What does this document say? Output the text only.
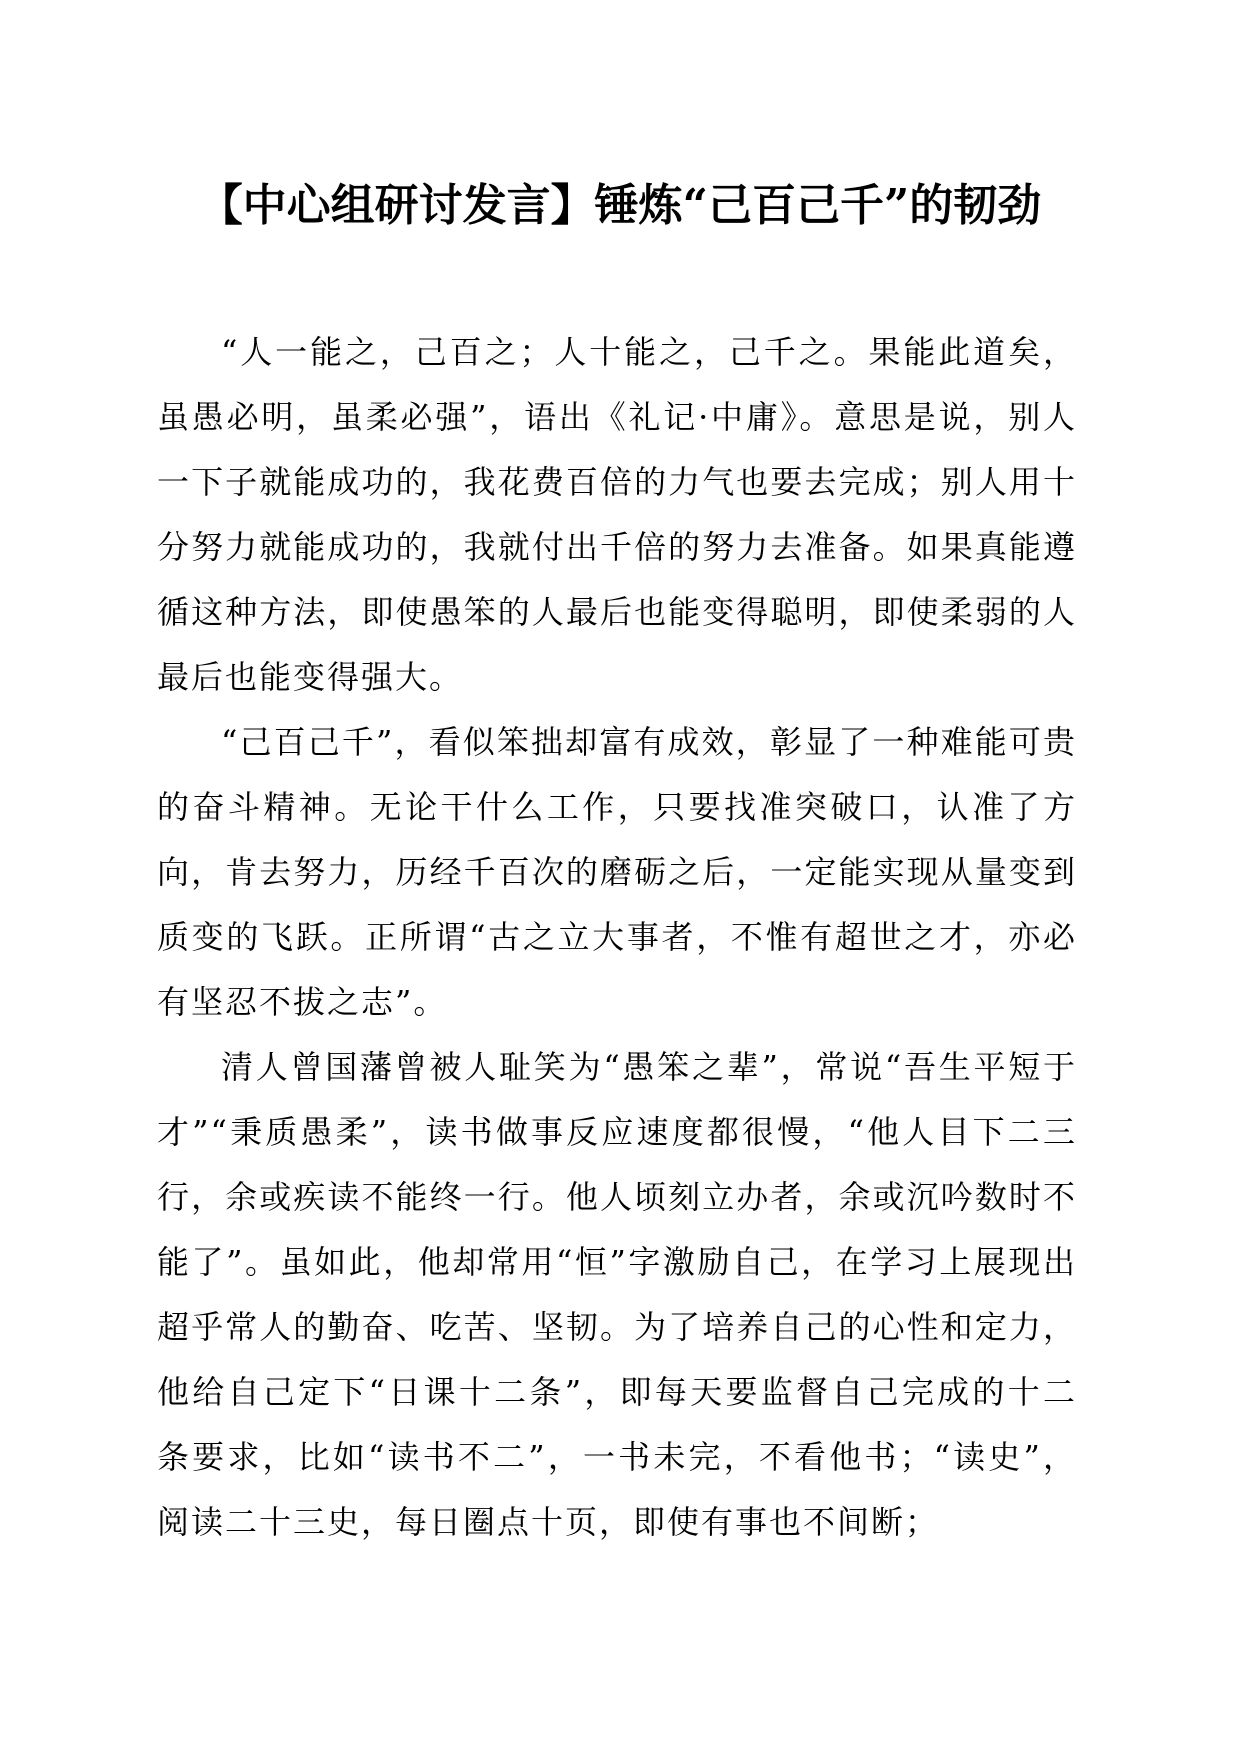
【中心组研讨发言】锤炼“己百己千”的韧劲

“人一能之，己百之；人十能之，己千之。果能此道矣，虽愚必明，虽柔必强”，语出《礼记·中庸》。意思是说，别人一下子就能成功的，我花费百倍的力气也要去完成；别人用十分努力就能成功的，我就付出千倍的努力去准备。如果真能遵循这种方法，即使愚笨的人最后也能变得聪明，即使柔弱的人最后也能变得强大。

“己百己千”，看似笨拙却富有成效，彰显了一种难能可贵的奋斗精神。无论干什么工作，只要找准突破口，认准了方向，肯去努力，历经千百次的磨砺之后，一定能实现从量变到质变的飞跃。正所谓“古之立大事者，不惟有超世之才，亦必有坚忍不拔之志”。

清人曾国藩曾被人耻笑为“愚笨之辈”，常说“吾生平短于才”“秉质愚柔”，读书做事反应速度都很慢，“他人目下二三行，余或疾读不能终一行。他人顷刻立办者，余或沉吟数时不能了”。虽如此，他却常用“恒”字激励自己，在学习上展现出超乎常人的勤奋、吃苦、坚韧。为了培养自己的心性和定力，他给自己定下“日课十二条”，即每天要监督自己完成的十二条要求，比如“读书不二”，一书未完，不看他书；“读史”，阅读二十三史，每日圈点十页，即使有事也不间断；
